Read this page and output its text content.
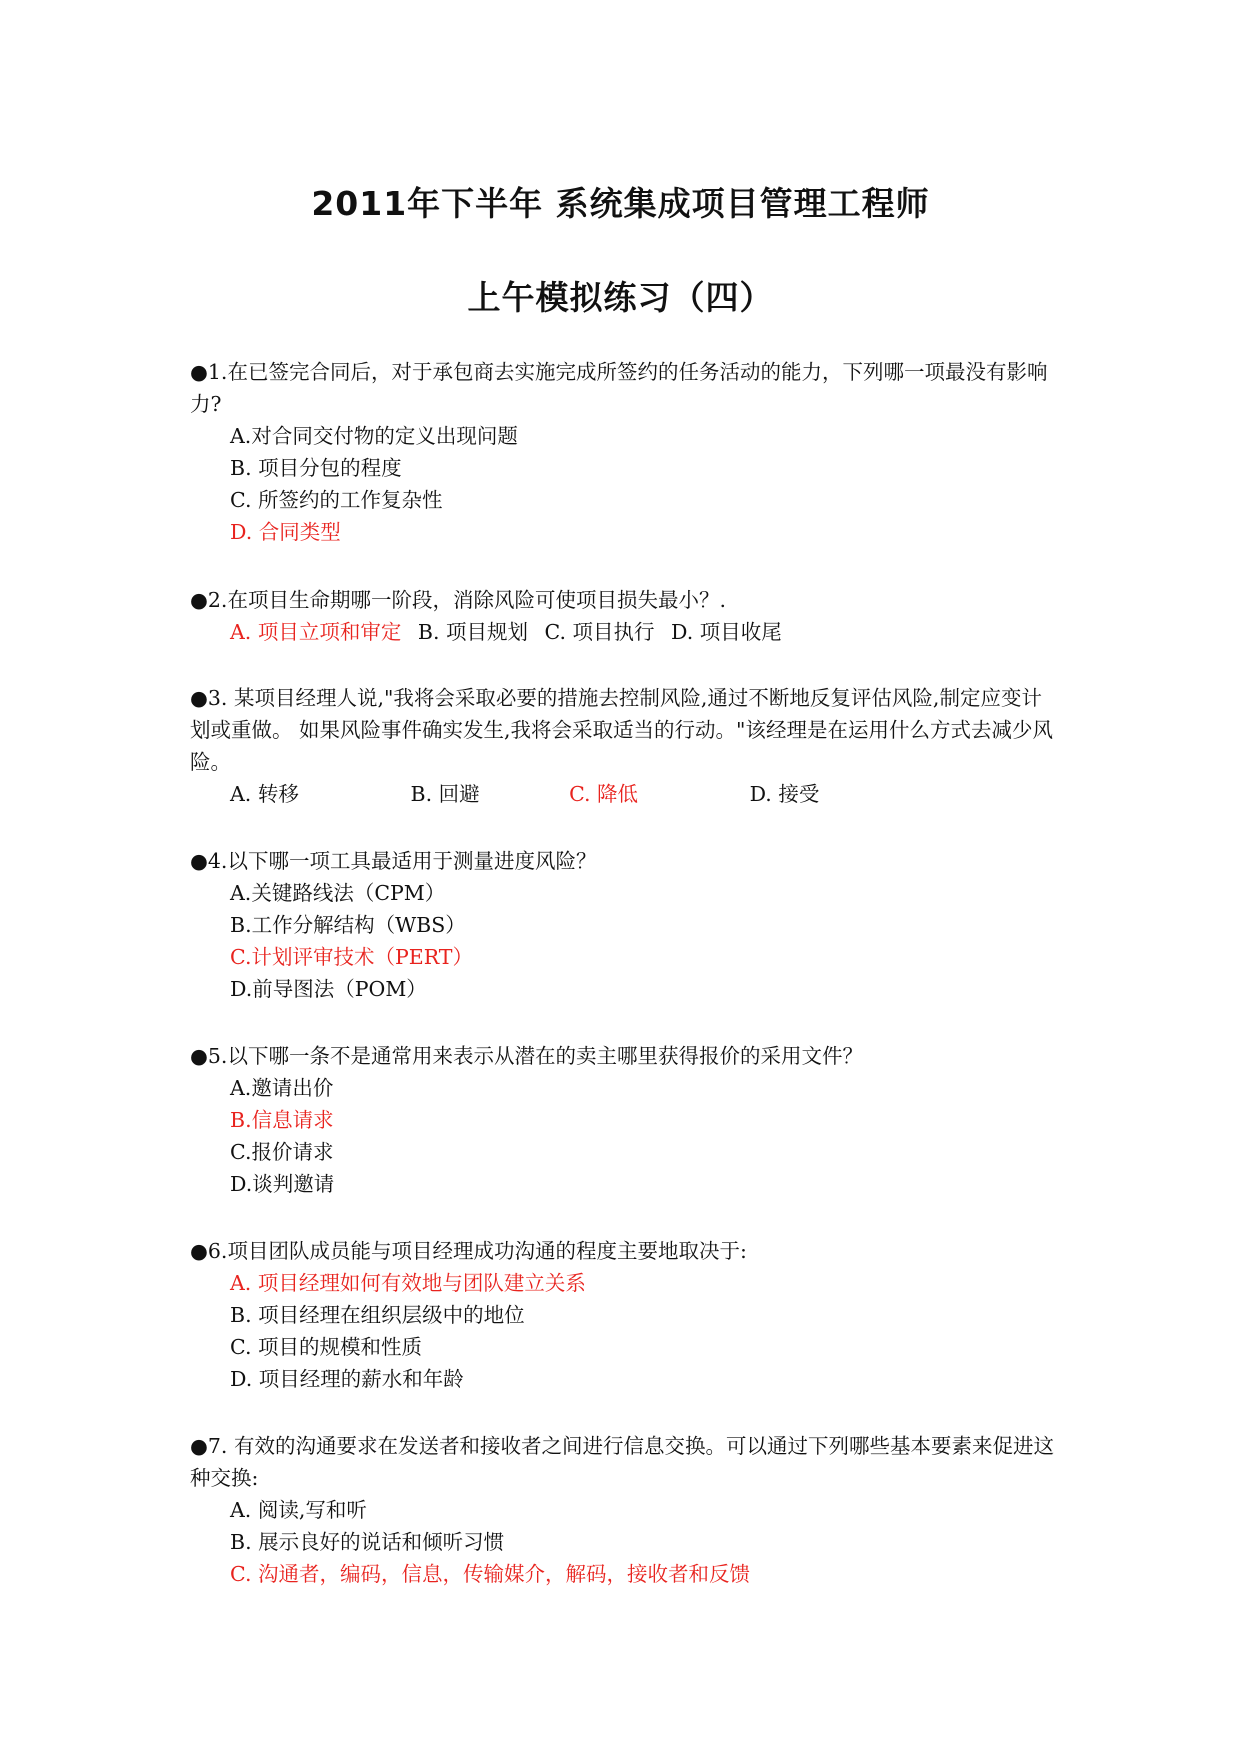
2011年下半年 系统集成项目管理工程师
上午模拟练习（四）

●1.在已签完合同后，对于承包商去实施完成所签约的任务活动的能力，下列哪一项最没有影响力?

A.对合同交付物的定义出现问题

B. 项目分包的程度

C. 所签约的工作复杂性

D. 合同类型

●2.在项目生命期哪一阶段，消除风险可使项目损失最小？.

A. 项目立项和审定 B. 项目规划 C. 项目执行 D. 项目收尾

●3. 某项目经理人说,"我将会采取必要的措施去控制风险,通过不断地反复评估风险,制定应变计划或重做。 如果风险事件确实发生,我将会采取适当的行动。"该经理是在运用什么方式去减少风险。

A. 转移	B. 回避	C. 降低	D. 接受

●4.以下哪一项工具最适用于测量进度风险？

A.关键路线法（CPM）

B.工作分解结构（WBS）

C.计划评审技术（PERT）

D.前导图法（POM）

●5.以下哪一条不是通常用来表示从潜在的卖主哪里获得报价的采用文件？

A.邀请出价

B.信息请求

C.报价请求

D.谈判邀请

●6.项目团队成员能与项目经理成功沟通的程度主要地取决于:

A. 项目经理如何有效地与团队建立关系

B. 项目经理在组织层级中的地位

C. 项目的规模和性质

D. 项目经理的薪水和年龄

●7. 有效的沟通要求在发送者和接收者之间进行信息交换。可以通过下列哪些基本要素来促进这种交换:

A. 阅读,写和听

B. 展示良好的说话和倾听习惯

C. 沟通者，编码，信息，传输媒介，解码，接收者和反馈
